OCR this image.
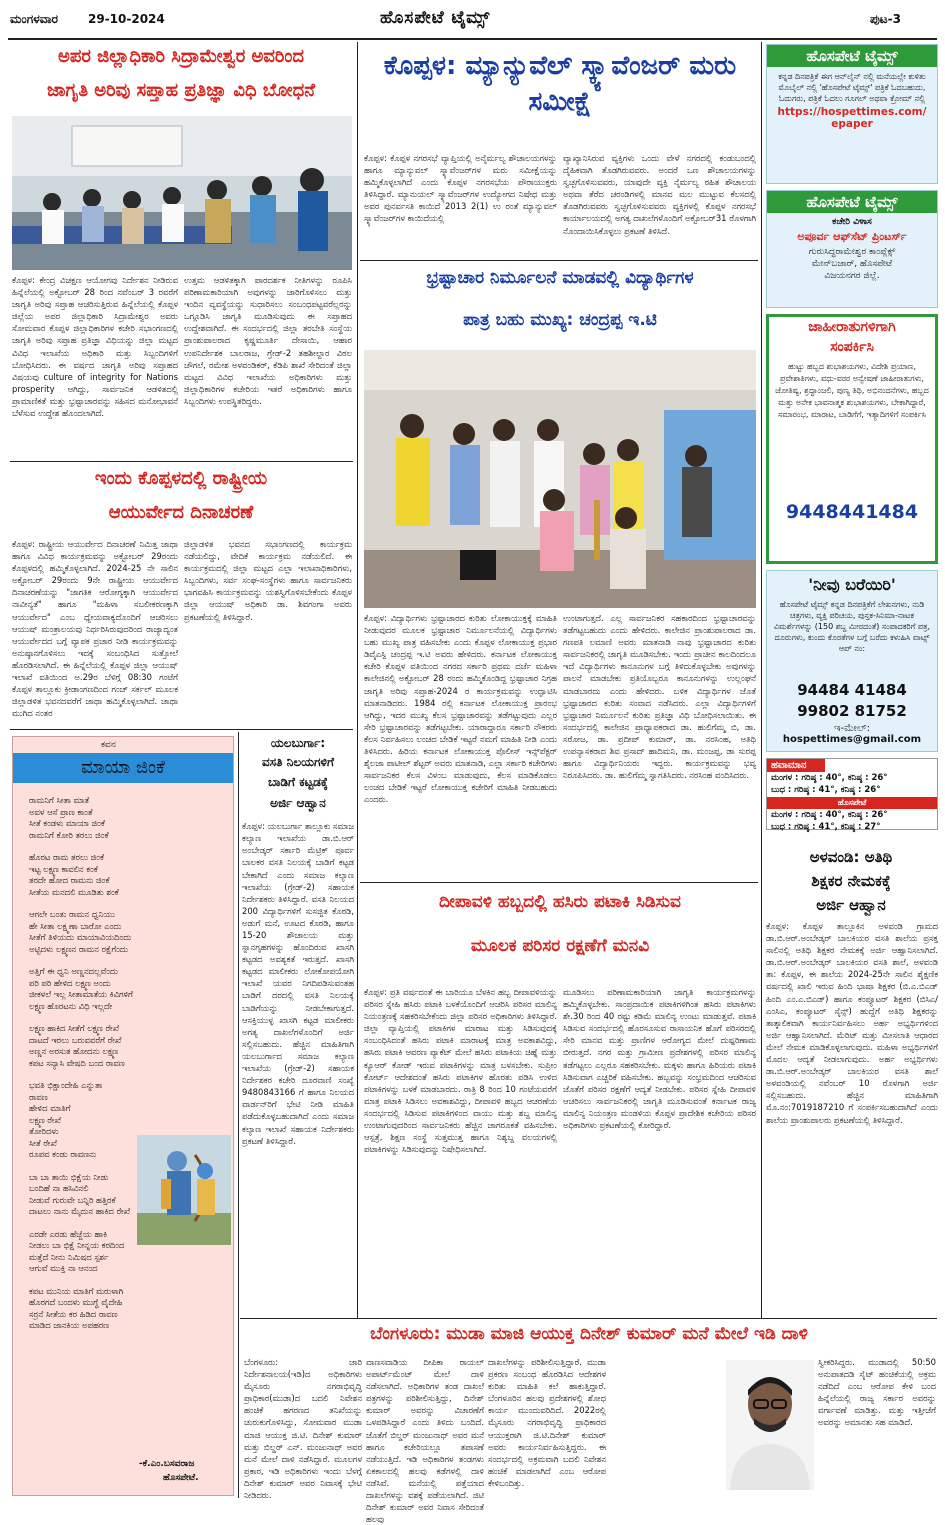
ಮಂಗಳವಾರ 29-10-2024	ಹೊಸಪೇಟೆ ಟೈಮ್ಸ್	ಪುಟ-3
ಅಪರ ಜಿಲ್ಲಾಧಿಕಾರಿ ಸಿದ್ರಾಮೇಶ್ವರ ಅವರಿಂದ
ಜಾಗೃತಿ ಅರಿವು ಸಪ್ತಾಹ ಪ್ರತಿಜ್ಞಾ ವಿಧಿ ಬೋಧನೆ
ಕೊಪ್ಪಳ: ಕೇಂದ್ರ ವಿಚಕ್ಷಣ ಆಯೋಗವು ನಿರ್ದೇಶನ ನೀಡಿರುವ ಹಿನ್ನೆಲೆಯಲ್ಲಿ ಅಕ್ಟೋಬರ್ 28 ರಿಂದ ನವೆಂಬರ್ 3 ರವರೆಗೆ ಜಾಗೃತಿ ಅರಿವು ಸಪ್ತಾಹ ಆಚರಿಸುತ್ತಿರುವ ಹಿನ್ನೆಲೆಯಲ್ಲಿ ಕೊಪ್ಪಳ ಜಿಲ್ಲೆಯ ಅಪರ ಜಿಲ್ಲಾಧಿಕಾರಿ ಸಿದ್ರಾಮೇಶ್ವರ ಅವರು ಸೋಮವಾರ ಕೊಪ್ಪಳ ಜಿಲ್ಲಾಧಿಕಾರಿಗಳ ಕಚೇರಿ ಸಭಾಂಗಣದಲ್ಲಿ ಜಾಗೃತಿ ಅರಿವು ಸಪ್ತಾಹ ಪ್ರತಿಜ್ಞಾ ವಿಧಿಯನ್ನು ಜಿಲ್ಲಾ ಮಟ್ಟದ ವಿವಿಧ ಇಲಾಖೆಯ ಅಧಿಕಾರಿ ಮತ್ತು ಸಿಬ್ಬಂದಿಗಳಿಗೆ ಬೋಧಿಸಿದರು. ಈ ವರ್ಷದ ಜಾಗೃತಿ ಅರಿವು ಸಪ್ತಾಹದ ವಿಷಯವು culture of integrity for Nations prosperity ಆಗಿದ್ದು, ಸಾರ್ವಜನಿಕ ಆಡಳಿತದಲ್ಲಿ ಪ್ರಾಮಾಣಿಕತೆ ಮತ್ತು ಭ್ರಷ್ಟಾಚಾರವನ್ನು ಸಹಿಸದ ಮನೋಭಾವನೆ ಬೆಳೆಸುವ ಉದ್ದೇಶ ಹೊಂದಲಾಗಿದೆ.
ಉತ್ತಮ ಆಡಳಿತಕ್ಕಾಗಿ ಪಾರದರ್ಶಕ ನೀತಿಗಳನ್ನು ರೂಪಿಸಿ ಪರಿಣಾಮಕಾರಿಯಾಗಿ ಅವುಗಳನ್ನು ಜಾರಿಗೊಳಿಸಲು ಮತ್ತು ಇಂದಿನ ವ್ಯವಸ್ಥೆಯನ್ನು ಸುಧಾರಿಸಲು ಸಂಬಂಧಪಟ್ಟವರೆಲ್ಲರನ್ನು ಒಗ್ಗೂಡಿಸಿ ಜಾಗೃತಿ ಮೂಡಿಸುವುದು ಈ ಸಪ್ತಾಹದ ಉದ್ದೇಶವಾಗಿದೆ. ಈ ಸಂದರ್ಭದಲ್ಲಿ ಜಿಲ್ಲಾ ತರಬೇತಿ ಸಂಸ್ಥೆಯ ಪ್ರಾಂಶುಪಾಲರಾದ ಕೃಷ್ಣಮೂರ್ತಿ ದೇಸಾಯಿ, ಆಹಾರ ಉಪನಿರ್ದೇಶಕ ಬಾಲರಾಜ, ಗ್ರೇಡ್-2 ತಹಶೀಲ್ದಾರ ವಿಠಲ ಚೌಗಲೆ, ರಮೇಶ ಅಳವಂಡಿಕರ್, ಕೆಡಿಪಿ ಶಾಖೆ ಸೇರಿದಂತೆ ಜಿಲ್ಲಾ ಮಟ್ಟದ ವಿವಿಧ ಇಲಾಖೆಯ ಅಧಿಕಾರಿಗಳು ಮತ್ತು ಜಿಲ್ಲಾಧಿಕಾರಿಗಳ ಕಚೇರಿಯ ಇತರೆ ಅಧಿಕಾರಿಗಳು ಹಾಗೂ ಸಿಬ್ಬಂದಿಗಳು ಉಪಸ್ಥಿತರಿದ್ದರು.
ಇಂದು ಕೊಪ್ಪಳದಲ್ಲಿ ರಾಷ್ಟ್ರೀಯ
ಆಯುರ್ವೇದ ದಿನಾಚರಣೆ
ಕೊಪ್ಪಳ: ರಾಷ್ಟ್ರೀಯ ಆಯುರ್ವೇದ ದಿನಾಚರಣೆ ನಿಮಿತ್ತ ಜಾಥಾ ಹಾಗೂ ವಿವಿಧ ಕಾರ್ಯಕ್ರಮವನ್ನು ಅಕ್ಟೋಬರ್ 29ರಂದು ಕೊಪ್ಪಳದಲ್ಲಿ ಹಮ್ಮಿಕೊಳ್ಳಲಾಗಿದೆ. 2024-25 ನೇ ಸಾಲಿನ ಅಕ್ಟೋಬರ್ 29ರಂದು 9ನೇ ರಾಷ್ಟ್ರೀಯ ಆಯುರ್ವೇದ ದಿನಾಚರಣೆಯನ್ನು "ಜಾಗತಿಕ ಆರೋಗ್ಯಕ್ಕಾಗಿ ಆಯುರ್ವೇದ ನಾವೀನ್ಯತೆ" ಹಾಗೂ "ಮಹಿಳಾ ಸಬಲೀಕರಣಕ್ಕಾಗಿ ಆಯುರ್ವೇದ" ಎಂಬ ಧ್ಯೇಯವಾಕ್ಯದೊಂದಿಗೆ ಆಚರಿಸಲು ಆಯುಷ್ ಮಂತ್ರಾಲಯವು ನಿರ್ಧರಿಸಿರುವುದರಿಂದ ರಾಜ್ಯಾದ್ಯಂತ ಆಯುರ್ವೇದದ ಬಗ್ಗೆ ವ್ಯಾಪಕ ಪ್ರಚಾರ ನೀಡಿ ಕಾರ್ಯಕ್ರಮವನ್ನು ಅನುಷ್ಠಾನಗೊಳಿಸಲು ಇದಕ್ಕೆ ಸಂಬಂಧಿಸಿದ ಸುತ್ತೋಲೆ ಹೊರಡಿಸಲಾಗಿದೆ. ಈ ಹಿನ್ನೆಲೆಯಲ್ಲಿ ಕೊಪ್ಪಳ ಜಿಲ್ಲಾ ಆಯುಷ್ ಇಲಾಖೆ ವತಿಯಿಂದ ಅ.29ರ ಬೆಳಿಗ್ಗೆ 08:30 ಗಂಟೆಗೆ ಕೊಪ್ಪಳ ತಾಲ್ಲೂಕು ಕ್ರೀಡಾಂಗಣದಿಂದ ಗಂಜ್ ಸರ್ಕಲ್ ಮೂಲಕ ಜಿಲ್ಲಾಡಳಿತ ಭವನದವರೆಗೆ ಜಾಥಾ ಹಮ್ಮಿಕೊಳ್ಳಲಾಗಿದೆ. ಜಾಥಾ ಮುಗಿದ ನಂತರ
ಜಿಲ್ಲಾಡಳಿತ ಭವನದ ಸಭಾಂಗಣದಲ್ಲಿ ಕಾರ್ಯಕ್ರಮ ನಡೆಯಲಿದ್ದು, ವೇದಿಕೆ ಕಾರ್ಯಕ್ರಮ ನಡೆಯಲಿದೆ. ಈ ಕಾರ್ಯಕ್ರಮದಲ್ಲಿ ಜಿಲ್ಲಾ ಮಟ್ಟದ ಎಲ್ಲಾ ಇಲಾಖಾಧಿಕಾರಿಗಳು, ಸಿಬ್ಬಂದಿಗಳು, ಸರ್ವ ಸಂಘ-ಸಂಸ್ಥೆಗಳು ಹಾಗೂ ಸಾರ್ವಜನಿಕರು ಭಾಗವಹಿಸಿ ಕಾರ್ಯಕ್ರಮವನ್ನು ಯಶಸ್ವಿಗೊಳಿಸಬೇಕೆಂದು ಕೊಪ್ಪಳ ಜಿಲ್ಲಾ ಆಯುಷ್ ಅಧಿಕಾರಿ ಡಾ. ಶಿವಗಂಗಾ ಅವರು ಪ್ರಕಟಣೆಯಲ್ಲಿ ತಿಳಿಸಿದ್ದಾರೆ.
ಕವನ
ಮಾಯಾ ಜಿಂಕೆ
ರಾಮನಿಗೆ ಸೀತಾ ಮಾತೆ
ಅವಳ ಆಸೆ ಪ್ರಾಣ ಕಾಂತೆ
ಸೀತೆ ಕಂಡಳು ಮಾಯಾ ಜಿಂಕೆ
ರಾಮನಿಗೆ ಕೋರಿ ತರಲು ಜಿಂಕೆ
ಹೊರಟ ರಾಮ ತರಲು ಜಿಂಕೆ
ಇಟ್ಟ ಲಕ್ಷ್ಮಣ ಕಾವಲಿನ ಕಂಕೆ
ತರದೇ ಹೋದ ರಾಮನು ಜಿಂಕೆ
ಸೀತೆಯ ಮನದಲಿ ಮೂಡಿತು ಶಂಕೆ
ಆಗಲೇ ಬಂತು ರಾಮನ ಧ್ವನಿಯು
ಹೇ ಸೀತಾ ಲಕ್ಷ್ಮಣಾ ಬಾರೋ ಎಂದು
ಸೀತೆಗೆ ತಿಳಿಯದು ಮಾಯಾವಿಯದಿಂದು
ಅಟ್ಟಿದಳು ಲಕ್ಷ್ಮಣನ ರಾಮನ ರಕ್ಷೆಗೆಂದು
ಅತ್ತಿಗೆ ಈ ಧ್ವನಿ ಅಣ್ಣನದಲ್ಲವೆಂದು
ಪರಿ ಪರಿ ಹೇಳಿದ ಲಕ್ಷ್ಮಣ ಅಂದು
ಜೀಕಳಲೆ ಇಲ್ಲ ಸೀತಾಮಾತೆಯ ಕಿವಿಗಳಿಗೆ
ಲಕ್ಷ್ಮಣ ಹೊರಟನು ವಿಧಿ ಇಲ್ಲದೇ
ಲಕ್ಷ್ಮಣ ಹಾಕಿದ ಸೀತೆಗೆ ಲಕ್ಷ್ಮಣ ರೇಖೆ
ದಾಟದೆ ಇರಲು ಬರುವವರೆಗೆ ರೇಖೆ
ಅಣ್ಣನ ಅರಸುತ ಹೋದನು ಲಕ್ಷ್ಮಣ
ಕಪಟ ಸನ್ಯಾಸಿ ವೇಷದಿ ಬಂದ ರಾವಣ
ಭವತಿ ಭಿಕ್ಷಾಂದೇಹಿ ಎನ್ನುತಾ
ರಾವಣ
ಹೇಳಿದ ಮಾತಿಗೆ
ಲಕ್ಷ್ಮಣ ರೇಖೆ
ತೋರಿದಳು
ಸೀತೆ ರೇಖೆ
ರೂಪವ ಕಂಡು ರಾವಣನು
ಬಾ ಬಾ ತಾಯಿ ಭಿಕ್ಷೆಯ ನೀಡು
ಬಂದಿಹೆ ನಾ ಹಸಿವಿನಲಿ
ನೀಡುವೆ ಗುರುವೇ ಬನ್ನಿರಿ ಹತ್ತಿರಕೆ
ದಾಟಲು ನಾನು ಮೈದುನ ಹಾಕಿದ ರೇಖೆ
ಎರಡೇ ಎರಡು ಹೆಜ್ಜೆಯ ಹಾಕಿ
ನೀಡಲು ಬಾ ಭಿಕ್ಷೆ ನೀನ್ನಯ ಕರದಿಂದ
ಮತ್ತೆದೆ ನೀನು ನಿಮಿಷದ ಸ್ಪರ್ಶ
ಆಗುವೆ ಮುಕ್ತಿ ನಾ ಆನಂದ
ಕಪಟ ಮುನಿಯ ಮಾತಿಗೆ ಮರುಳಾಗಿ
ಹೊರಗದೆ ಬಂದಳು ಮುಗ್ಧೆ ವೈದೇಹಿ
ಸರ್ರನೆ ಸೀತೆಯ ಕರ ಹಿಡಿದ ರಾವಣ
ಮಾಡಿದ ಜಾನಕಿಯ ಅಪಹರಣ
-ಕೆ.ಎಂ.ಬಸವರಾಜ
ಹೊಸಪೇಟೆ.
ಯಲಬುರ್ಗಾ:
ವಸತಿ ನಿಲಯಗಳಿಗೆ
ಬಾಡಿಗೆ ಕಟ್ಟಡಕ್ಕೆ
ಅರ್ಜಿ ಆಹ್ವಾನ
ಕೊಪ್ಪಳ: ಯಲಬುರ್ಗಾ ತಾಲ್ಲೂಕು ಸಮಾಜ ಕಲ್ಯಾಣ ಇಲಾಖೆಯ ಡಾ.ಬಿ.ಆರ್ ಅಂಬೇಡ್ಕರ್ ಸರ್ಕಾರಿ ಮೆಟ್ರಿಕ್ ಪೂರ್ವ ಬಾಲಕರ ವಸತಿ ನಿಲಯಕ್ಕೆ ಬಾಡಿಗೆ ಕಟ್ಟಡ ಬೇಕಾಗಿದೆ ಎಂದು ಸಮಾಜ ಕಲ್ಯಾಣ ಇಲಾಖೆಯ (ಗ್ರೇಡ್-2) ಸಹಾಯಕ ನಿರ್ದೇಶಕರು ತಿಳಿಸಿದ್ದಾರೆ. ವಸತಿ ನಿಲಯದ 200 ವಿದ್ಯಾರ್ಥಿಗಳಿಗೆ ಸುಸಜ್ಜಿತ ಕೊಠಡಿ, ಅಡುಗೆ ಮನೆ, ಊಟದ ಕೊಠಡಿ, ಹಾಗೂ 15-20 ಶೌಚಾಲಯ ಮತ್ತು ಸ್ನಾನಗೃಹಗಳನ್ನು ಹೊಂದಿರುವ ಖಾಸಗಿ ಕಟ್ಟಡದ ಅವಶ್ಯಕತೆ ಇರುತ್ತದೆ. ಖಾಸಗಿ ಕಟ್ಟಡದ ಮಾಲೀಕರು ಲೋಕೋಪಯೋಗಿ ಇಲಾಖೆ ಯವರ ನಿಗದಿಪಡಿಸುವಂತಹ ಬಾಡಿಗೆ ದರದಲ್ಲಿ ವಸತಿ ನಿಲಯಕ್ಕೆ ಬಾಡಿಗೆಯನ್ನು ನೀಡಬೇಕಾಗುತ್ತದೆ. ಆಸಕ್ತಿಯುಳ್ಳ ಖಾಸಗಿ ಕಟ್ಟಡ ಮಾಲೀಕರು ಅಗತ್ಯ ದಾಖಲೆಗಳೊಂದಿಗೆ ಅರ್ಜಿ ಸಲ್ಲಿಸಬಹುದು. ಹೆಚ್ಚಿನ ಮಾಹಿತಿಗಾಗಿ ಯಲಬುರ್ಗಾದ ಸಮಾಜ ಕಲ್ಯಾಣ ಇಲಾಖೆಯ (ಗ್ರೇಡ್-2) ಸಹಾಯಕ ನಿರ್ದೇಶಕರ ಕಚೇರಿ ದೂರವಾಣಿ ಸಂಖ್ಯೆ 9480843166 ಗೆ ಹಾಗೂ ನಿಲಯದ ವಾರ್ಡನ್‌ರಿಗೆ ಭೇಟಿ ನೀಡಿ ಮಾಹಿತಿ ಪಡೆದುಕೊಳ್ಳಬಹುದಾಗಿದೆ ಎಂದು ಸಮಾಜ ಕಲ್ಯಾಣ ಇಲಾಖೆ ಸಹಾಯಕ ನಿರ್ದೇಶಕರು ಪ್ರಕಟಣೆ ತಿಳಿಸಿದ್ದಾರೆ.
ಕೊಪ್ಪಳ: ಮ್ಯಾನ್ಯುವೆಲ್ ಸ್ಕ್ಯಾವೆಂಜರ್ ಮರು ಸಮೀಕ್ಷೆ
ಕೊಪ್ಪಳ: ಕೊಪ್ಪಳ ನಗರಸಭೆ ವ್ಯಾಪ್ತಿಯಲ್ಲಿ ಅನೈರ್ಮಲ್ಯ ಶೌಚಾಲಯಗಳನ್ನು ಹಾಗೂ ಮ್ಯಾನ್ಯುವಲ್ ಸ್ಕ್ಯಾವೆಂಜರ್‌ಗಳ ಮರು ಸಮೀಕ್ಷೆಯನ್ನು ಹಮ್ಮಿಕೊಳ್ಳಲಾಗಿದೆ ಎಂದು ಕೊಪ್ಪಳ ನಗರಸಭೆಯ ಪೌರಾಯುಕ್ತರು ತಿಳಿಸಿದ್ದಾರೆ. ಮ್ಯಾನುಯಲ್ ಸ್ಕ್ಯಾವೆಂಜರ್‌ಗಳ ಉದ್ಯೋಗದ ನಿಷೇಧ ಮತ್ತು ಅವರ ಪುನರ್ವಸತಿ ಕಾಯಿದೆ 2013 2(1) ಉ ರಂತೆ ಮ್ಯಾನ್ಯುವಲ್ ಸ್ಕ್ಯಾವೆಂಜರ್‌ಗಳ ಕಾಯಿದೆಯಲ್ಲಿ
ವ್ಯಾಖ್ಯಾನಿಸಿರುವ ವ್ಯಕ್ತಿಗಳು ಒಂದು ವೇಳೆ ನಗರದಲ್ಲಿ ಕಂಡುಬಂದಲ್ಲಿ ದೈಹಿಕವಾಗಿ ತೊಡಗಿರುವವರು. ಅಂದರೆ ಒಣ ಶೌಚಾಲಯಗಳನ್ನು ಸ್ವಚ್ಛಗೊಳಿಸುವವರು, ಯಾವುದೇ ವ್ಯಕ್ತಿ ನೈರ್ಮಲ್ಯ ರಹಿತ ಶೌಚಾಲಯ ಅಥವಾ ತೆರೆದ ಚರಂಡಿಗಳಲ್ಲಿ ಮಾನವ ಮಲ ಮುಟ್ಟುವ ಕೆಲಸದಲ್ಲಿ ತೊಡಗಿರುವವರು ಸ್ವಚ್ಛಗೊಳಿಸುವವರು ವ್ಯಕ್ತಿಗಳಲ್ಲಿ ಕೊಪ್ಪಳ ನಗರಸಭೆ ಕಾರ್ಯಾಲಯದಲ್ಲಿ ಅಗತ್ಯ ದಾಖಲೆಗಳೊಂದಿಗೆ ಅಕ್ಟೋಬರ್31 ರೊಳಗಾಗಿ ನೊಂದಾಯಿಸಿಕೊಳ್ಳಲು ಪ್ರಕಟಣೆ ತಿಳಿಸಿದೆ.
ಭ್ರಷ್ಟಾಚಾರ ನಿರ್ಮೂಲನೆ ಮಾಡವಲ್ಲಿ ವಿದ್ಯಾರ್ಥಿಗಳ
ಪಾತ್ರ ಬಹು ಮುಖ್ಯ: ಚಂದ್ರಪ್ಪ ಇ.ಟಿ
ಕೊಪ್ಪಳ: ವಿದ್ಯಾರ್ಥಿಗಳು ಭ್ರಷ್ಟಾಚಾರದ ಕುರಿತು ಲೋಕಾಯುಕ್ತಕ್ಕೆ ಮಾಹಿತಿ ನೀಡುವುದರ ಮೂಲಕ ಭ್ರಷ್ಟಾಚಾರ ನಿರ್ಮೂಲನೆಯಲ್ಲಿ ವಿದ್ಯಾರ್ಥಿಗಳು ಬಹು ಮುಖ್ಯ ಪಾತ್ರ ವಹಿಸಬೇಕು ಎಂದು ಕೊಪ್ಪಳ ಲೋಕಾಯುಕ್ತ ಪ್ರಭಾರ ಡಿವೈಎಸ್ಪಿ ಚಂದ್ರಪ್ಪ ಇ.ಟಿ ಅವರು ಹೇಳಿದರು. ಕರ್ನಾಟಕ ಲೋಕಾಯುಕ್ತ ಕಚೇರಿ ಕೊಪ್ಪಳ ವತಿಯಿಂದ ನಗರದ ಸರ್ಕಾರಿ ಪ್ರಥಮ ದರ್ಜೆ ಮಹಿಳಾ ಕಾಲೇಜಿನಲ್ಲಿ ಅಕ್ಟೋಬರ್ 28 ರಂದು ಹಮ್ಮಿಕೊಂಡಿದ್ದ ಭ್ರಷ್ಟಾಚಾರ ನಿಗ್ರಹ ಜಾಗೃತಿ ಅರಿವು ಸಪ್ತಾಹ-2024 ರ ಕಾರ್ಯಕ್ರಮವನ್ನು ಉದ್ಘಾಟಿಸಿ ಮಾತನಾಡಿದರು. 1984 ರಲ್ಲಿ ಕರ್ನಾಟಕ ಲೋಕಾಯುಕ್ತ ಪ್ರಾರಂಭ ಆಗಿದ್ದು, ಇದರ ಮುಖ್ಯ ಕೆಲಸ ಭ್ರಷ್ಟಾಚಾರವನ್ನು ತಡೆಗಟ್ಟುವುದು ಎಲ್ಲರ ಸೇರಿ ಭ್ರಷ್ಟಾಚಾರವನ್ನು ತಡೆಗಟ್ಟಬೇಕು. ಯಾರಾದ್ದಾರೂ ಸರ್ಕಾರಿ ನೌಕರರು ಕೆಲಸ ನಿರ್ವಹಿಸಲು ಲಂಚದ ಬೇಡಿಕೆ ಇಟ್ಟರೆ ನಮಗೆ ಮಾಹಿತಿ ನೀಡಿ ಎಂದು ತಿಳಿಸಿದರು. ಹಿರಿಯ ಕರ್ನಾಟಕ ಲೋಕಾಯುಕ್ತ ಪೊಲೀಸ್ ಇನ್ಸ್‌ಪೆಕ್ಟರ್ ಶೈಲಜಾ ಪಾಟೀಲ್ ಶೆಟ್ಟರ್ ಅವರು ಮಾತನಾಡಿ, ಎಲ್ಲಾ ಸರ್ಕಾರಿ ಕಚೇರಿಗಳು ಸಾರ್ವಜನಿಕರ ಕೆಲಸ ವಿಳಂಬ ಮಾಡುವುದು, ಕೆಲಸ ಮಾಡಿಕೊಡಲು ಲಂಚದ ಬೇಡಿಕೆ ಇಟ್ಟರೆ ಲೋಕಾಯುಕ್ತ ಕಚೇರಿಗೆ ಮಾಹಿತಿ ನೀಡಬಹುದು ಎಂದರು.
ಉಂಟಾಗುತ್ತದೆ. ಎಲ್ಲ ಸಾರ್ವಜನಿಕರ ಸಹಕಾರದಿಂದ ಭ್ರಷ್ಟಾಚಾರವನ್ನು ತಡೆಗಟ್ಟಬಹುದು ಎಂದು ಹೇಳಿದರು. ಕಾಲೇಜಿನ ಪ್ರಾಂಶುಪಾಲರಾದ ಡಾ. ಗಣಪತಿ ಲಮಾಣಿ ಅವರು ಮಾತನಾಡಿ ನಾವು ಭ್ರಷ್ಟಾಚಾರದ ಕುರಿತು ಸಾರ್ವಜನಿಕರಲ್ಲಿ ಜಾಗೃತಿ ಮೂಡಿಸಬೇಕು. ಇಂದು ಪ್ರಾಚೀನ ಕಾಲದಿಂದಲೂ ಇದೆ ವಿದ್ಯಾರ್ಥಿಗಳು ಕಾನೂನುಗಳ ಬಗ್ಗೆ ತಿಳಿದುಕೊಳ್ಳಬೇಕು ಅವುಗಳನ್ನು ಪಾಲನೆ ಮಾಡಬೇಕು ಪ್ರತಿಯೊಬ್ಬರೂ ಕಾನೂನುಗಳನ್ನು ಉಲ್ಲಂಘನೆ ಮಾಡಬಾರದು ಎಂದು ಹೇಳಿದರು. ಬಳಿಕ ವಿದ್ಯಾರ್ಥಿಗಳ ಜೊತೆ ಭ್ರಷ್ಟಾಚಾರದ ಕುರಿತು ಸಂವಾದ ನಡೆಸಿದರು. ಎಲ್ಲಾ ವಿದ್ಯಾರ್ಥಿಗಳಿಗೆ ಭ್ರಷ್ಟಾಚಾರ ನಿರ್ಮೂಲನೆ ಕುರಿತು ಪ್ರತಿಜ್ಞಾ ವಿಧಿ ಬೋಧಿಸಲಾಯಿತು. ಈ ಸಂದರ್ಭದಲ್ಲಿ ಕಾಲೇಜಿನ ಪ್ರಾಧ್ಯಾಪಕರಾದ ಡಾ. ಹುಲಿಗೆಮ್ಮ ಬಿ, ಡಾ. ಸರೋಜ, ಡಾ. ಪ್ರದೀಪ್ ಕುಮಾರ್, ಡಾ. ನರಸಿಂಹ, ಅತಿಥಿ ಉಪನ್ಯಾಸಕರಾದ ಶಿವ ಪ್ರಸಾದ್ ಹಾದಿಮನಿ, ಡಾ. ಮಂಜಪ್ಪ, ಡಾ ಸುರಪ್ಪ ಹಾಗೂ ವಿದ್ಯಾರ್ಥಿನಿಯರು ಇದ್ದರು. ಕಾರ್ಯಕ್ರಮವನ್ನು ಭವ್ಯ ನಿರೂಪಿಸಿದರು. ಡಾ. ಹುಲಿಗೆಮ್ಮ ಸ್ವಾಗತಿಸಿದರು. ನರಸಿಂಹ ವಂದಿಸಿದರು.
ದೀಪಾವಳಿ ಹಬ್ಬದಲ್ಲಿ ಹಸಿರು ಪಟಾಕಿ ಸಿಡಿಸುವ
ಮೂಲಕ ಪರಿಸರ ರಕ್ಷಣೆಗೆ ಮನವಿ
ಕೊಪ್ಪಳ: ಪ್ರತಿ ವರ್ಷದಂತೆ ಈ ಬಾರಿಯೂ ಬೆಳಕಿನ ಹಬ್ಬ ದೀಪಾವಳಿಯನ್ನು ಪರಿಸರ ಸ್ನೇಹಿ ಹಸಿರು ಪಟಾಕಿ ಬಳಕೆಯೊಂದಿಗೆ ಆಚರಿಸಿ ಪರಿಸರ ಮಾಲಿನ್ಯ ನಿಯಂತ್ರಣಕ್ಕೆ ಸಹಕರಿಸಬೇಕೆಂದು ಜಿಲ್ಲಾ ಪರಿಸರ ಅಧಿಕಾರಿಗಳು ತಿಳಿಸಿದ್ದಾರೆ. ಜಿಲ್ಲಾ ವ್ಯಾಪ್ತಿಯಲ್ಲಿ ಪಟಾಕಿಗಳ ಮಾರಾಟ ಮತ್ತು ಸಿಡಿಸುವುದಕ್ಕೆ ಸಂಬಂಧಿಸಿದಂತೆ ಹಸಿರು ಪಟಾಕಿ ಮಾರಾಟಕ್ಕೆ ಮಾತ್ರ ಅವಕಾಶವಿದ್ದು, ಹಸಿರು ಪಟಾಕಿ ಆವರಣ ಪ್ಯಾಕೆಟ್ ಮೇಲೆ ಹಸಿರು ಪಟಾಕಿಯ ಚಿಹ್ನೆ ಮತ್ತು ಕ್ಯೂಆರ್ ಕೋಡ್ ಇರುವ ಪಟಾಕಿಗಳನ್ನು ಮಾತ್ರ ಬಳಸಬೇಕು. ಸುಪ್ರೀಂ ಕೋರ್ಟ್ ಆದೇಶದಂತೆ ಹಸಿರು ಪಟಾಕಿಗಳ ಹೊರತು ಪಡಿಸಿ ಉಳಿದ ಪಟಾಕಿಗಳನ್ನು ಬಳಕೆ ಮಾಡಬಾರದು. ರಾತ್ರಿ 8 ರಿಂದ 10 ಗಂಟೆಯವರೆಗೆ ಮಾತ್ರ ಪಟಾಕಿ ಸಿಡಿಸಲು ಅವಕಾಶವಿದ್ದು, ದೀಪಾವಳಿ ಹಬ್ಬದ ಆಚರಣೆಯ ಸಂದರ್ಭದಲ್ಲಿ ಸಿಡಿಸುವ ಪಟಾಕಿಗಳಿಂದ ವಾಯು ಮತ್ತು ಶಬ್ದ ಮಾಲಿನ್ಯ ಉಂಟಾಗುವುದರಿಂದ ಸಾರ್ವಜನಿಕರು ಹೆಚ್ಚಿನ ಜಾಗರೂಕತೆ ವಹಿಸಬೇಕು. ಆಸ್ಪತ್ರೆ, ಶಿಕ್ಷಣ ಸಂಸ್ಥೆ ಸುತ್ತಮುತ್ತ ಹಾಗೂ ನಿಶ್ಯಬ್ದ ವಲಯಗಳಲ್ಲಿ ಪಟಾಕಿಗಳನ್ನು ಸಿಡಿಸುವುದನ್ನು ನಿಷೇಧಿಸಲಾಗಿದೆ.
ಮೂಡಿಸಲು ಪರಿಣಾಮಕಾರಿಯಾಗಿ ಜಾಗೃತಿ ಕಾರ್ಯಕ್ರಮಗಳನ್ನು ಹಮ್ಮಿಕೊಳ್ಳಬೇಕು. ಸಾಂಪ್ರದಾಯಿಕ ಪಟಾಕಿಗಳಿಗಿಂತ ಹಸಿರು ಪಟಾಕಿಗಳು ಶೇ.30 ರಿಂದ 40 ರಷ್ಟು ಕಡಿಮೆ ಮಾಲಿನ್ಯ ಉಂಟು ಮಾಡುತ್ತವೆ. ಪಟಾಕಿ ಸಿಡಿಸುವ ಸಂದರ್ಭದಲ್ಲಿ ಹೊರಸೂಸುವ ರಾಸಾಯನಿಕ ಹೊಗೆ ಪರಿಸರದಲ್ಲಿ ಸೇರಿ ಮಾನವ ಮತ್ತು ಪ್ರಾಣಿಗಳ ಆರೋಗ್ಯದ ಮೇಲೆ ದುಷ್ಪರಿಣಾಮ ಬೀರುತ್ತದೆ. ನಗರ ಮತ್ತು ಗ್ರಾಮೀಣ ಪ್ರದೇಶಗಳಲ್ಲಿ ಪರಿಸರ ಮಾಲಿನ್ಯ ತಡೆಗಟ್ಟಲು ಎಲ್ಲರೂ ಸಹಕರಿಸಬೇಕು. ಮಕ್ಕಳು ಹಾಗೂ ಹಿರಿಯರು ಪಟಾಕಿ ಸಿಡಿಸುವಾಗ ಎಚ್ಚರಿಕೆ ವಹಿಸಬೇಕು. ಹಬ್ಬವನ್ನು ಸಂಭ್ರಮದಿಂದ ಆಚರಿಸುವ ಜೊತೆಗೆ ಪರಿಸರ ರಕ್ಷಣೆಗೆ ಆದ್ಯತೆ ನೀಡಬೇಕು. ಪರಿಸರ ಸ್ನೇಹಿ ದೀಪಾವಳಿ ಆಚರಿಸಲು ಸಾರ್ವಜನಿಕರಲ್ಲಿ ಜಾಗೃತಿ ಮೂಡಿಸುವಂತೆ ಕರ್ನಾಟಕ ರಾಜ್ಯ ಮಾಲಿನ್ಯ ನಿಯಂತ್ರಣ ಮಂಡಳಿಯ ಕೊಪ್ಪಳ ಪ್ರಾದೇಶಿಕ ಕಚೇರಿಯ ಪರಿಸರ ಅಧಿಕಾರಿಗಳು ಪ್ರಕಟಣೆಯಲ್ಲಿ ಕೋರಿದ್ದಾರೆ.
ಬೆಂಗಳೂರು: ಮುಡಾ ಮಾಜಿ ಆಯುಕ್ತ ದಿನೇಶ್ ಕುಮಾರ್ ಮನೆ ಮೇಲೆ ಇಡಿ ದಾಳಿ
ಬೆಂಗಳೂರು: ಜಾರಿ ನಿರ್ದೇಶನಾಲಯ(ಇಡಿ)ದ ಅಧಿಕಾರಿಗಳು ಮೈಸೂರು ನಗರಾಭಿವೃದ್ಧಿ ಪ್ರಾಧಿಕಾರ(ಮುಡಾ)ದ ಬದಲಿ ನಿವೇಶನ ಹಂಚಿಕೆ ಹಗರಣದ ತನಿಖೆಯನ್ನು ಚುರುಕುಗೊಳಿಸಿದ್ದು, ಸೋಮವಾರ ಮುಡಾ ಮಾಜಿ ಆಯುಕ್ತ ಜಿ.ಟಿ. ದಿನೇಶ್ ಕುಮಾರ್ ಮತ್ತು ಬಿಲ್ಡರ್ ಎನ್. ಮಂಜುನಾಥ್ ಅವರ ಮನೆ ಮೇಲೆ ದಾಳಿ ನಡೆಸಿದ್ದಾರೆ. ಮೂಲಗಳ ಪ್ರಕಾರ, ಇಡಿ ಅಧಿಕಾರಿಗಳು ಇಂದು ಬೆಳಗ್ಗೆ ದಿನೇಶ್ ಕುಮಾರ್ ಅವರ ನಿವಾಸಕ್ಕೆ ಭೇಟಿ ನೀಡಿದರು.
ವಾಣಸವಾಡಿಯ ದೀಪಿಕಾ ರಾಯಲ್ ಅಪಾರ್ಟ್‌ಮೆಂಟ್ ಮೇಲೆ ದಾಳಿ ನಡೆಸಲಾಗಿದೆ. ಅಧಿಕಾರಿಗಳ ತಂಡ ದಾಖಲೆ ಪತ್ರಗಳನ್ನು ಪರಿಶೀಲಿಸುತ್ತಿದ್ದು, ದಿನೇಶ್ ಕುಮಾರ್ ಅವರನ್ನು ವಿಚಾರಣೆಗೆ ಒಳಪಡಿಸಿದ್ದಾರೆ ಎಂದು ತಿಳಿದು ಬಂದಿದೆ. ಜೊತೆಗೆ ಬಿಲ್ಡರ್ ಮಂಜುನಾಥ್ ಅವರ ಮನೆ ಹಾಗೂ ಕಚೇರಿಯಲ್ಲೂ ತಪಾಸಣೆ ನಡೆಯುತ್ತಿದೆ. ಇಡಿ ಅಧಿಕಾರಿಗಳ ತಂಡಗಳು ಏಕಕಾಲದಲ್ಲಿ ಹಲವು ಕಡೆಗಳಲ್ಲಿ ದಾಳಿ ನಡೆಸಿವೆ. ಮನೆಯಲ್ಲಿ ಪತ್ತೆಯಾದ ದಾಖಲೆಗಳನ್ನು ವಶಕ್ಕೆ ಪಡೆಯಲಾಗಿದೆ. ಜಿಟಿ ದಿನೇಶ್ ಕುಮಾರ್ ಅವರ ನಿವಾಸ ಸೇರಿದಂತೆ ಹಲವು
ದಾಖಲೆಗಳನ್ನು ಪರಿಶೀಲಿಸುತ್ತಿದ್ದಾರೆ. ಮುಡಾ ಪ್ರಕರಣ ಸಂಬಂಧ ಹೊರಡಿಸಿದ ಆದೇಶಗಳ ಕುರಿತು ಮಾಹಿತಿ ಕಲೆ ಹಾಕುತ್ತಿದ್ದಾರೆ. ಬೆಂಗಳೂರಿನ ಹಲವು ಪ್ರದೇಶಗಳಲ್ಲಿ ಶೋಧ ಕಾರ್ಯ ಮುಂದುವರಿದಿದೆ. 2022ರಲ್ಲಿ ಮೈಸೂರು ನಗರಾಭಿವೃದ್ಧಿ ಪ್ರಾಧಿಕಾರದ ಆಯುಕ್ತರಾಗಿ ಜಿ.ಟಿ.ದಿನೇಶ್ ಕುಮಾರ್ ಅವರು ಕಾರ್ಯನಿರ್ವಹಿಸುತ್ತಿದ್ದರು. ಈ ಸಂದರ್ಭದಲ್ಲಿ ಅಕ್ರಮವಾಗಿ ಬದಲಿ ನಿವೇಶನ ಹಂಚಿಕೆ ಮಾಡಲಾಗಿದೆ ಎಂಬ ಆರೋಪ ಕೇಳಿಬಂದಿತ್ತು.
ಸ್ವೀಕರಿಸಿದ್ದರು. ಮುಡಾದಲ್ಲಿ 50:50 ಅನುಪಾತದಡಿ ಸೈಟ್ ಹಂಚಿಕೆಯಲ್ಲಿ ಅಕ್ರಮ ನಡೆದಿದೆ ಎಂಬ ಆರೋಪ ಕೇಳಿ ಬಂದ ಹಿನ್ನೆಲೆಯಲ್ಲಿ ರಾಜ್ಯ ಸರ್ಕಾರ ಅವರನ್ನು ವರ್ಗಾವಣೆ ಮಾಡಿತ್ತು. ಮತ್ತು ಇತ್ತೀಚೆಗೆ ಅವರನ್ನು ಅಮಾನತು ಸಹ ಮಾಡಿದೆ.
ಹೊಸಪೇಟೆ ಟೈಮ್ಸ್
ಕನ್ನಡ ದಿನಪತ್ರಿಕೆ ಈಗ ಆನ್‌ಲೈನ್ ನಲ್ಲಿ ಮನೆಯಲ್ಲೇ ಕುಳಿತು ಮೊಬೈಲ್ ನಲ್ಲಿ 'ಹೊಸಪೇಟೆ ಟೈಮ್ಸ್' ಪತ್ರಿಕೆ ಓದಬಹುದು, ಓದುಗರು, ಪತ್ರಿಕೆ ಓದಲು ಗೂಗಲ್ ಅಥವಾ ಕ್ರೋಮ್ ನಲ್ಲಿ
https://hospettimes.com/
epaper
ಹೊಸಪೇಟೆ ಟೈಮ್ಸ್
ಕಚೇರಿ ವಿಳಾಸ
ಅಪೂರ್ವ ಆಫ್‌ಸೆಟ್ ಪ್ರಿಂಟರ್ಸ್
ಗುರುಸಿದ್ಧರಾಮೇಶ್ವರ ಕಾಂಪ್ಲೆಕ್ಸ್
ಮೇನ್‌ಬಜಾರ್, ಹೊಸಪೇಟೆ
ವಿಜಯನಗರ ಜಿಲ್ಲೆ.
ಜಾಹೀರಾತುಗಳಿಗಾಗಿ
ಸಂಪರ್ಕಿಸಿ
ಹುಟ್ಟು ಹಬ್ಬದ ಶುಭಾಶಯಗಳು, ವಿದೇಶಿ ಪ್ರಯಾಣ, ಪ್ರವೇಶಾತಿಗಳು, ವಧು-ವರರ ಅನ್ವೇಷಣೆ ಜಾಹೀರಾತುಗಳು, ಜೋತಿಷ್ಯ, ಶ್ರದ್ಧಾಂಜಲಿ, ಪುಣ್ಯ ತಿಥಿ, ಅಭಿನಂದನೆಗಳು, ಹಬ್ಬದ ಮತ್ತು ಅನೇಕ ಭಾವನಾತ್ಮಕ ಶುಭಾಶಯಗಳು, ಬೇಕಾಗಿದ್ದಾರೆ, ಸಮಾರಂಭ, ಮಾರಾಟ, ಬಾಡಿಗೆಗೆ, ಇತ್ಯಾದಿಗಳಿಗೆ ಸಂಪರ್ಕಿಸಿ
9448441484
'ನೀವು ಬರೆಯಿರಿ'
ಹೊಸಪೇಟೆ ಟೈಮ್ಸ್ ಕನ್ನಡ ದಿನಪತ್ರಿಕೆಗೆ ಲೇಖನಗಳು, ನುಡಿ ಚಿತ್ರಗಳು, ವ್ಯಕ್ತಿ ಪರಿಚಯ, ಪುಸ್ತಕ-ಸಿನಿಮಾ-ನಾಟಕ ವಿಮರ್ಶೆಗಳನ್ನು (150 ಶಬ್ದ ಮೀರದಂತೆ) ಸಂಪಾದಕರಿಗೆ ಪತ್ರ, ದೂರುಗಳು, ಕುಂದು ಕೊರತೆಗಳ ಬಗ್ಗೆ ಬರೆದು ಕಳುಹಿಸಿ ವಾಟ್ಸ್ ಆಪ್ ನಂ:
94484 41484
99802 81752
ಇ-ಮೇಲ್: hospettimes@gmail.com
ಹವಾಮಾನ
ಮಂಗಳ : ಗರಿಷ್ಠ : 40°, ಕನಿಷ್ಠ : 26°
ಬುಧ : ಗರಿಷ್ಠ : 41°, ಕನಿಷ್ಠ : 26°
ಹೊಸಪೇಟೆ
ಮಂಗಳ : ಗರಿಷ್ಠ : 40°, ಕನಿಷ್ಠ : 26°
ಬುಧ : ಗರಿಷ್ಠ : 41°, ಕನಿಷ್ಠ : 27°
ಅಳವಂಡಿ: ಅತಿಥಿ
ಶಿಕ್ಷಕರ ನೇಮಕಕ್ಕೆ
ಅರ್ಜಿ ಆಹ್ವಾನ
ಕೊಪ್ಪಳ: ಕೊಪ್ಪಳ ತಾಲ್ಲೂಕಿನ ಅಳವಂಡಿ ಗ್ರಾಮದ ಡಾ.ಬಿ.ಆರ್.ಅಂಬೇಡ್ಕರ್ ಬಾಲಕಿಯರ ವಸತಿ ಶಾಲೆಯ ಪ್ರಸಕ್ತ ಸಾಲಿನಲ್ಲಿ ಅತಿಥಿ ಶಿಕ್ಷಕರ ನೇಮಕಕ್ಕೆ ಅರ್ಜಿ ಆಹ್ವಾನಿಸಲಾಗಿದೆ. ಡಾ.ಬಿ.ಆರ್.ಅಂಬೇಡ್ಕರ್ ಬಾಲಕಿಯರ ವಸತಿ ಶಾಲೆ, ಅಳವಂಡಿ ತಾ: ಕೊಪ್ಪಳ, ಈ ಶಾಲೆಯ 2024-25ನೇ ಸಾಲಿನ ಶೈಕ್ಷಣಿಕ ವರ್ಷದಲ್ಲಿ ಖಾಲಿ ಇರುವ ಹಿಂದಿ ಭಾಷಾ ಶಿಕ್ಷಕರ (ಬಿ.ಎ.ಬಿಎಡ್ ಹಿಂದಿ ಎಂ.ಎ.ಬಿಎಡ್) ಹಾಗೂ ಕಂಪ್ಯೂಟರ್ ಶಿಕ್ಷಕರ (ಬಿಸಿಎ/ಎಂಸಿಎ, ಕಂಪ್ಯೂಟರ್ ಸೈನ್ಸ್) ಹುದ್ದೆಗೆ ಅತಿಥಿ ಶಿಕ್ಷಕರನ್ನು ತಾತ್ಕಾಲಿಕವಾಗಿ ಕಾರ್ಯನಿರ್ವಹಿಸಲು ಅರ್ಹ ಅಭ್ಯರ್ಥಿಗಳಿಂದ ಅರ್ಜಿ ಆಹ್ವಾನಿಸಲಾಗಿದೆ. ಮೆರಿಟ್ ಮತ್ತು ಮೀಸಲಾತಿ ಆಧಾರದ ಮೇಲೆ ನೇಮಕ ಮಾಡಿಕೊಳ್ಳಲಾಗುವುದು. ಮಹಿಳಾ ಅಭ್ಯರ್ಥಿಗಳಿಗೆ ಮೊದಲ ಆದ್ಯತೆ ನೀಡಲಾಗುವುದು. ಅರ್ಹ ಅಭ್ಯರ್ಥಿಗಳು ಡಾ.ಬಿ.ಆರ್.ಅಂಬೇಡ್ಕರ್ ಬಾಲಕಿಯರ ವಸತಿ ಶಾಲೆ ಅಳವಂಡಿಯಲ್ಲಿ ನವೆಂಬರ್ 10 ರೊಳಗಾಗಿ ಅರ್ಜಿ ಸಲ್ಲಿಸಬಹುದು. ಹೆಚ್ಚಿನ ಮಾಹಿತಿಗಾಗಿ ಮೊ.ನಂ:7019187210 ಗೆ ಸಂಪರ್ಕಿಸಬಹುದಾಗಿದೆ ಎಂದು ಶಾಲೆಯ ಪ್ರಾಂಶುಪಾಲರು ಪ್ರಕಟಣೆಯಲ್ಲಿ ತಿಳಿಸಿದ್ದಾರೆ.
